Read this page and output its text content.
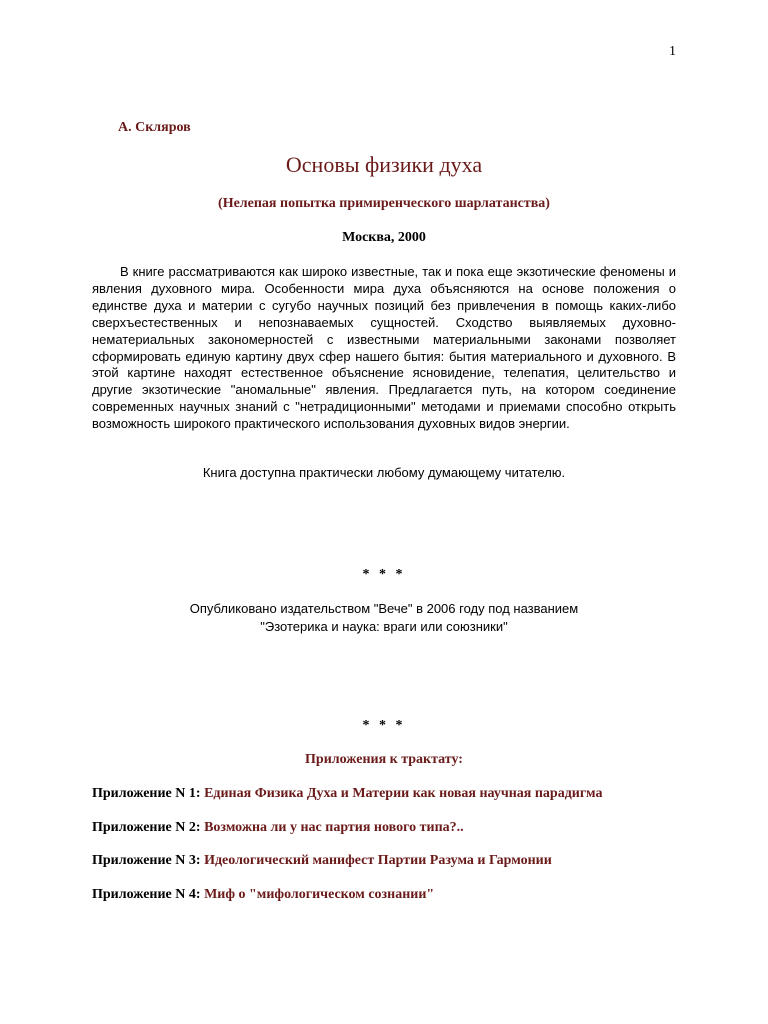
1
А. Скляров
Основы физики духа
(Нелепая попытка примиренческого шарлатанства)
Москва, 2000

В книге рассматриваются как широко известные, так и пока еще экзотические феномены и явления духовного мира. Особенности мира духа объясняются на основе положения о единстве духа и материи с сугубо научных позиций без привлечения в помощь каких-либо сверхъестественных и непознаваемых сущностей. Сходство выявляемых духовно-нематериальных закономерностей с известными материальными законами позволяет сформировать единую картину двух сфер нашего бытия: бытия материального и духовного. В этой картине находят естественное объяснение ясновидение, телепатия, целительство и другие экзотические "аномальные" явления. Предлагается путь, на котором соединение современных научных знаний с "нетрадиционными" методами и приемами способно открыть возможность широкого практического использования духовных видов энергии.

Книга доступна практически любому думающему читателю.
* * *
Опубликовано издательством "Вече" в 2006 году под названием
"Эзотерика и наука: враги или союзники"
* * *
Приложения к трактату:
Приложение N 1: Единая Физика Духа и Материи как новая научная парадигма
Приложение N 2: Возможна ли у нас партия нового типа?..
Приложение N 3: Идеологический манифест Партии Разума и Гармонии
Приложение N 4: Миф о "мифологическом сознании"
